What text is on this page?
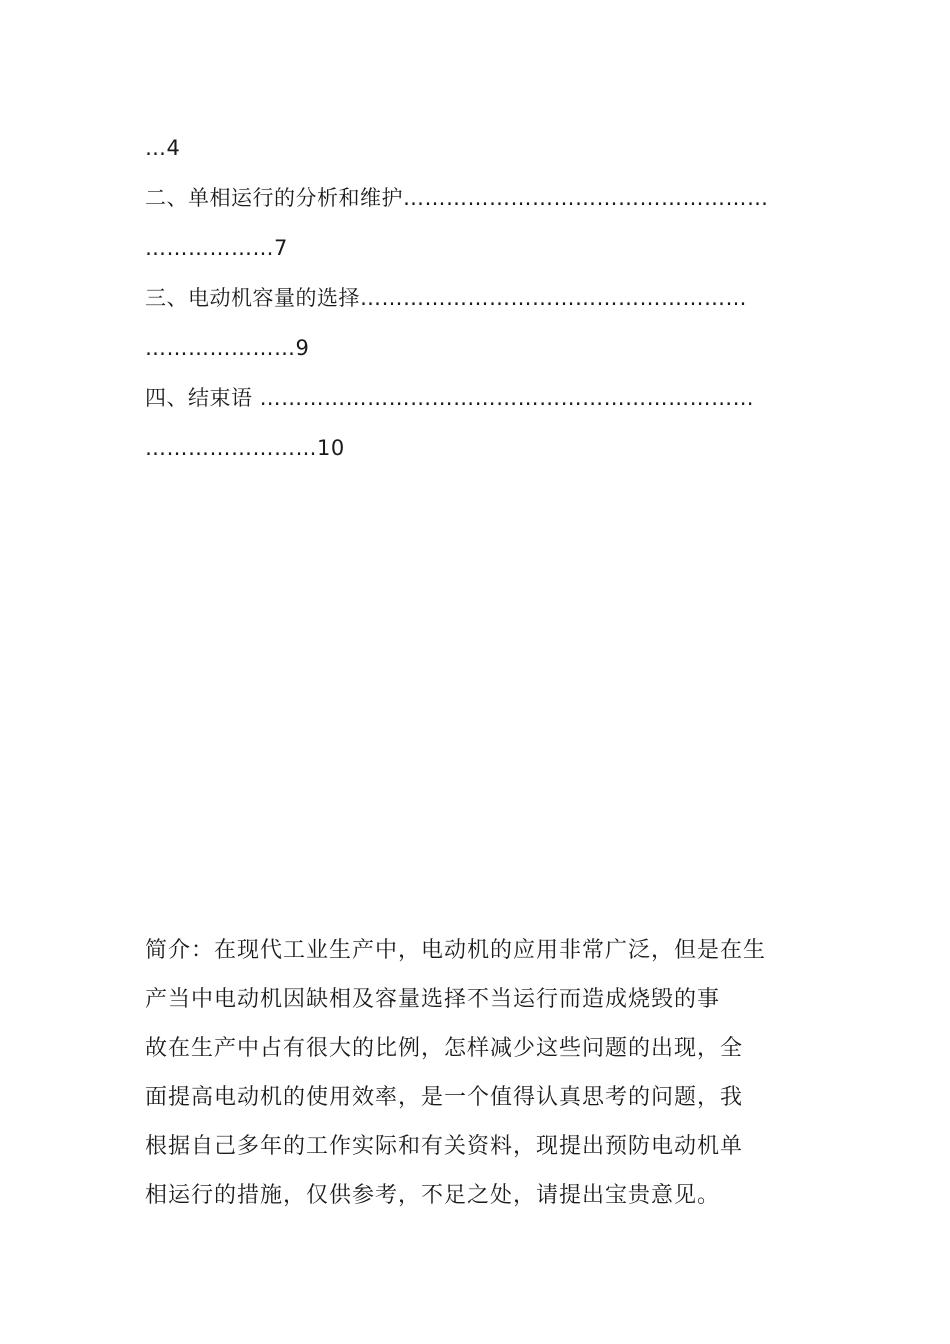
…4
二、单相运行的分析和维护……………………………………………
………………7
三、电动机容量的选择………………………………………………
…………………9
四、结束语 ……………………………………………………………
……………………10
简介：在现代工业生产中，电动机的应用非常广泛，但是在生
产当中电动机因缺相及容量选择不当运行而造成烧毁的事
故在生产中占有很大的比例，怎样减少这些问题的出现，全
面提高电动机的使用效率，是一个值得认真思考的问题，我
根据自己多年的工作实际和有关资料，现提出预防电动机单
相运行的措施，仅供参考，不足之处，请提出宝贵意见。
